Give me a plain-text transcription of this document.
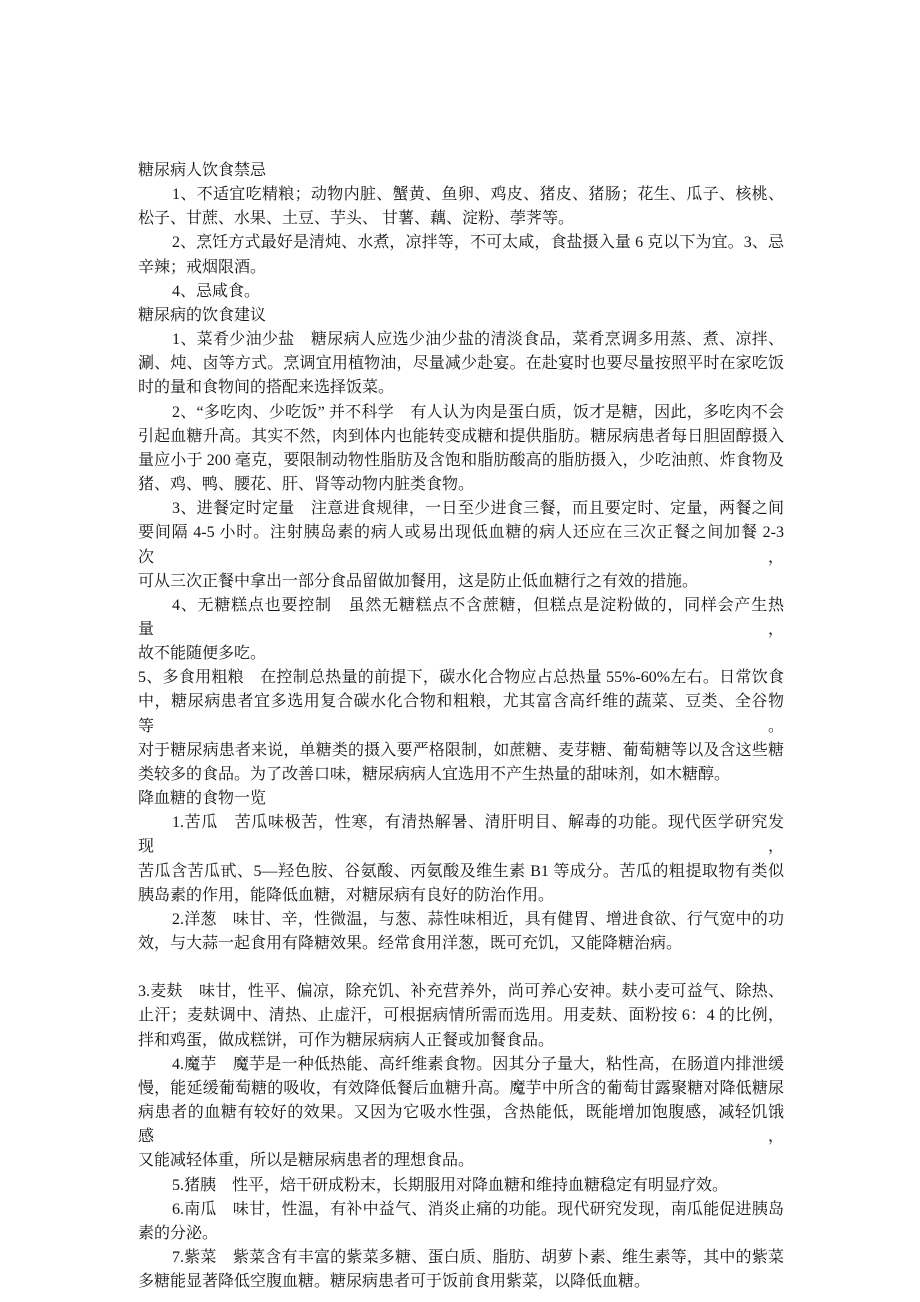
糖尿病人饮食禁忌
1、不适宜吃精粮；动物内脏、蟹黄、鱼卵、鸡皮、猪皮、猪肠；花生、瓜子、核桃、
松子、甘蔗、水果、土豆、芋头、 甘薯、藕、淀粉、荸荠等。
2、烹饪方式最好是清炖、水煮，凉拌等，不可太咸，食盐摄入量 6 克以下为宜。3、忌
辛辣；戒烟限酒。
4、忌咸食。
糖尿病的饮食建议
1、菜肴少油少盐　糖尿病人应选少油少盐的清淡食品，菜肴烹调多用蒸、煮、凉拌、
涮、炖、卤等方式。烹调宜用植物油，尽量减少赴宴。在赴宴时也要尽量按照平时在家吃饭
时的量和食物间的搭配来选择饭菜。
2、“多吃肉、少吃饭” 并不科学　有人认为肉是蛋白质，饭才是糖，因此，多吃肉不会
引起血糖升高。其实不然，肉到体内也能转变成糖和提供脂肪。糖尿病患者每日胆固醇摄入
量应小于 200 毫克，要限制动物性脂肪及含饱和脂肪酸高的脂肪摄入，少吃油煎、炸食物及
猪、鸡、鸭、腰花、肝、肾等动物内脏类食物。
3、进餐定时定量　注意进食规律，一日至少进食三餐，而且要定时、定量，两餐之间
要间隔 4-5 小时。注射胰岛素的病人或易出现低血糖的病人还应在三次正餐之间加餐 2-3 次，
可从三次正餐中拿出一部分食品留做加餐用，这是防止低血糖行之有效的措施。
4、无糖糕点也要控制　虽然无糖糕点不含蔗糖，但糕点是淀粉做的，同样会产生热量，
故不能随便多吃。
5、多食用粗粮　在控制总热量的前提下，碳水化合物应占总热量 55%-60%左右。日常饮食
中，糖尿病患者宜多选用复合碳水化合物和粗粮，尤其富含高纤维的蔬菜、豆类、全谷物等。
对于糖尿病患者来说，单糖类的摄入要严格限制，如蔗糖、麦芽糖、葡萄糖等以及含这些糖
类较多的食品。为了改善口味，糖尿病病人宜选用不产生热量的甜味剂，如木糖醇。
降血糖的食物一览
1.苦瓜　苦瓜味极苦，性寒，有清热解暑、清肝明目、解毒的功能。现代医学研究发现，
苦瓜含苦瓜甙、5—羟色胺、谷氨酸、丙氨酸及维生素 B1 等成分。苦瓜的粗提取物有类似
胰岛素的作用，能降低血糖，对糖尿病有良好的防治作用。
2.洋葱　味甘、辛，性微温，与葱、蒜性味相近，具有健胃、增进食欲、行气宽中的功
效，与大蒜一起食用有降糖效果。经常食用洋葱，既可充饥，又能降糖治病。
3.麦麸　味甘，性平、偏凉，除充饥、补充营养外，尚可养心安神。麸小麦可益气、除热、
止汗；麦麸调中、清热、止虚汗，可根据病情所需而选用。用麦麸、面粉按 6：4 的比例，
拌和鸡蛋，做成糕饼，可作为糖尿病病人正餐或加餐食品。
4.魔芋　魔芋是一种低热能、高纤维素食物。因其分子量大，粘性高，在肠道内排泄缓
慢，能延缓葡萄糖的吸收，有效降低餐后血糖升高。魔芋中所含的葡萄甘露聚糖对降低糖尿
病患者的血糖有较好的效果。又因为它吸水性强，含热能低，既能增加饱腹感，减轻饥饿感，
又能减轻体重，所以是糖尿病患者的理想食品。
5.猪胰　性平，焙干研成粉末，长期服用对降血糖和维持血糖稳定有明显疗效。
6.南瓜　味甘，性温，有补中益气、消炎止痛的功能。现代研究发现，南瓜能促进胰岛
素的分泌。
7.紫菜　紫菜含有丰富的紫菜多糖、蛋白质、脂肪、胡萝卜素、维生素等，其中的紫菜
多糖能显著降低空腹血糖。糖尿病患者可于饭前食用紫菜，以降低血糖。
